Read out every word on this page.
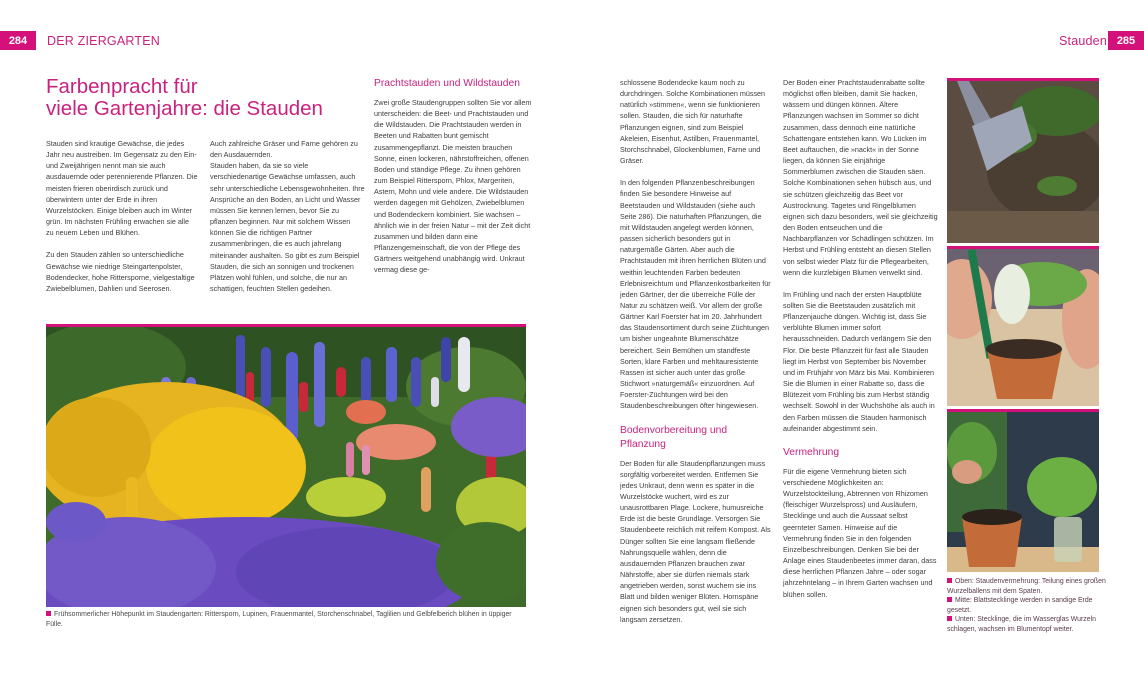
284	DER ZIERGARTEN	Stauden 285
Farbenpracht für
viele Gartenjahre: die Stauden

Stauden sind krautige Gewächse, die jedes Jahr neu austreiben. Im Gegensatz zu den Ein- und Zweijährigen nennt man sie auch ausdauernde oder perennierende Pflanzen. Die meisten frieren oberirdisch zurück und überwintern unter der Erde in ihren Wurzelstöcken. Einige bleiben auch im Winter grün. Im nächsten Frühling erwachen sie alle zu neuem Leben und Blühen.

Zu den Stauden zählen so unterschiedliche Gewächse wie niedrige Steingartenpolster, Bodendecker, hohe Rittersporne, vielgestaltige Zwiebelblumen, Dahlien und Seerosen.

Auch zahlreiche Gräser und Farne gehören zu den Ausdauernden.

Stauden haben, da sie so viele verschiedenartige Gewächse umfassen, auch sehr unterschiedliche Lebensgewohnheiten. Ihre Ansprüche an den Boden, an Licht und Wasser müssen Sie kennen lernen, bevor Sie zu pflanzen beginnen. Nur mit solchem Wissen können Sie die richtigen Partner zusammenbringen, die es auch jahrelang miteinander aushalten. So gibt es zum Beispiel Stauden, die sich an sonnigen und trockenen Plätzen wohl fühlen, und solche, die nur an schattigen, feuchten Stellen gedeihen.

Prachtstauden und Wildstauden

Zwei große Staudengruppen sollten Sie vor allem unterscheiden: die Beet- und Prachtstauden und die Wildstauden. Die Prachtstauden werden in Beeten und Rabatten bunt gemischt zusammengepflanzt. Die meisten brauchen Sonne, einen lockeren, nährstoffreichen, offenen Boden und ständige Pflege. Zu ihnen gehören zum Beispiel Rittersporn, Phlox, Margeriten, Astern, Mohn und viele andere. Die Wildstauden werden dagegen mit Gehölzen, Zwiebelblumen und Bodendeckern kombiniert. Sie wachsen – ähnlich wie in der freien Natur – mit der Zeit dicht zusammen und bilden dann eine Pflanzengemeinschaft, die von der Pflege des Gärtners weitgehend unabhängig wird. Unkraut vermag diese ge-

Frühsommerlicher Höhepunkt im Staudengarten: Rittersporn, Lupinen, Frauenmantel, Storchenschnabel, Taglilien und Gelbfelberich blühen in üppiger Fülle.

schlossene Bodendecke kaum noch zu durchdringen. Solche Kombinationen müssen natürlich »stimmen«, wenn sie funktionieren sollen. Stauden, die sich für naturhafte Pflanzungen eignen, sind zum Beispiel Akeleien, Eisenhut, Astilben, Frauenmantel, Storchschnabel, Glockenblumen, Farne und Gräser.

In den folgenden Pflanzenbeschreibungen finden Sie besondere Hinweise auf Beetstauden und Wildstauden (siehe auch Seite 286). Die naturhaften Pflanzungen, die mit Wildstauden angelegt werden können, passen sicherlich besonders gut in naturgemäße Gärten. Aber auch die Prachtstauden mit ihren herrlichen Blüten und weithin leuchtenden Farben bedeuten Erlebnisreichtum und Pflanzenkostbarkeiten für jeden Gärtner, der die überreiche Fülle der Natur zu schätzen weiß. Vor allem der große Gärtner Karl Foerster hat im 20. Jahrhundert das Staudensortiment durch seine Züchtungen um bisher ungeahnte Blumenschätze bereichert. Sein Bemühen um standfeste Sorten, klare Farben und mehltauresistente Rassen ist sicher auch unter das große Stichwort »naturgemäß« einzuordnen. Auf Foerster-Züchtungen wird bei den Staudenbeschreibungen öfter hingewiesen.

Bodenvorbereitung und Pflanzung

Der Boden für alle Staudenpflanzungen muss sorgfältig vorbereitet werden. Entfernen Sie jedes Unkraut, denn wenn es später in die Wurzelstöcke wuchert, wird es zur unausrottbaren Plage. Lockere, humusreiche Erde ist die beste Grundlage. Versorgen Sie Staudenbeete reichlich mit reifem Kompost. Als Dünger sollten Sie eine langsam fließende Nahrungsquelle wählen, denn die ausdauernden Pflanzen brauchen zwar Nährstoffe, aber sie dürfen niemals stark angetrieben werden, sonst wuchern sie ins Blatt und bilden weniger Blüten. Hornspäne eignen sich besonders gut, weil sie sich langsam zersetzen.

Der Boden einer Prachtstaudenrabatte sollte möglichst offen bleiben, damit Sie hacken, wässern und düngen können. Ältere Pflanzungen wachsen im Sommer so dicht zusammen, dass dennoch eine natürliche Schattengare entstehen kann. Wo Lücken im Beet auftauchen, die »nackt« in der Sonne liegen, da können Sie einjährige Sommerblumen zwischen die Stauden säen. Solche Kombinationen sehen hübsch aus, und sie schützen gleichzeitig das Beet vor Austrocknung. Tagetes und Ringelblumen eignen sich dazu besonders, weil sie gleichzeitig den Boden entseuchen und die Nachbarpflanzen vor Schädlingen schützen. Im Herbst und Frühling entsteht an diesen Stellen von selbst wieder Platz für die Pflegearbeiten, wenn die kurzlebigen Blumen verwelkt sind.

Im Frühling und nach der ersten Hauptblüte sollten Sie die Beetstauden zusätzlich mit Pflanzenjauche düngen. Wichtig ist, dass Sie verblühte Blumen immer sofort herausschneiden. Dadurch verlängern Sie den Flor. Die beste Pflanzzeit für fast alle Stauden liegt im Herbst von September bis November und im Frühjahr von März bis Mai. Kombinieren Sie die Blumen in einer Rabatte so, dass die Blütezeit vom Frühling bis zum Herbst ständig wechselt. Sowohl in der Wuchshöhe als auch in den Farben müssen die Stauden harmonisch aufeinander abgestimmt sein.

Vermehrung

Für die eigene Vermehrung bieten sich verschiedene Möglichkeiten an: Wurzelstockteilung, Abtrennen von Rhizomen (fleischiger Wurzelspross) und Ausläufern, Stecklinge und auch die Aussaat selbst geernteter Samen. Hinweise auf die Vermehrung finden Sie in den folgenden Einzelbeschreibungen. Denken Sie bei der Anlage eines Staudenbeetes immer daran, dass diese herrlichen Pflanzen Jahre – oder sogar jahrzehntelang – in Ihrem Garten wachsen und blühen sollen.

Oben: Staudenvermehrung: Teilung eines großen Wurzelballens mit dem Spaten.
Mitte: Blattstecklinge werden in sandige Erde gesetzt.
Unten: Stecklinge, die im Wasserglas Wurzeln schlagen, wachsen im Blumentopf weiter.
